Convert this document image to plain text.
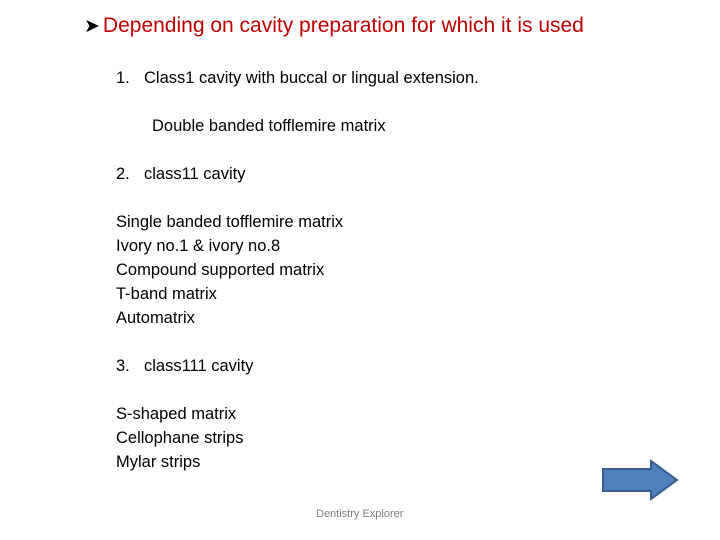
➤ Depending on cavity preparation for which it is used
1. Class1 cavity with buccal or lingual extension.
Double banded tofflemire matrix
2. class11 cavity
Single banded tofflemire matrix
Ivory no.1 & ivory no.8
Compound supported matrix
T-band matrix
Automatrix
3. class111 cavity
S-shaped matrix
Cellophane strips
Mylar strips
Dentistry Explorer
